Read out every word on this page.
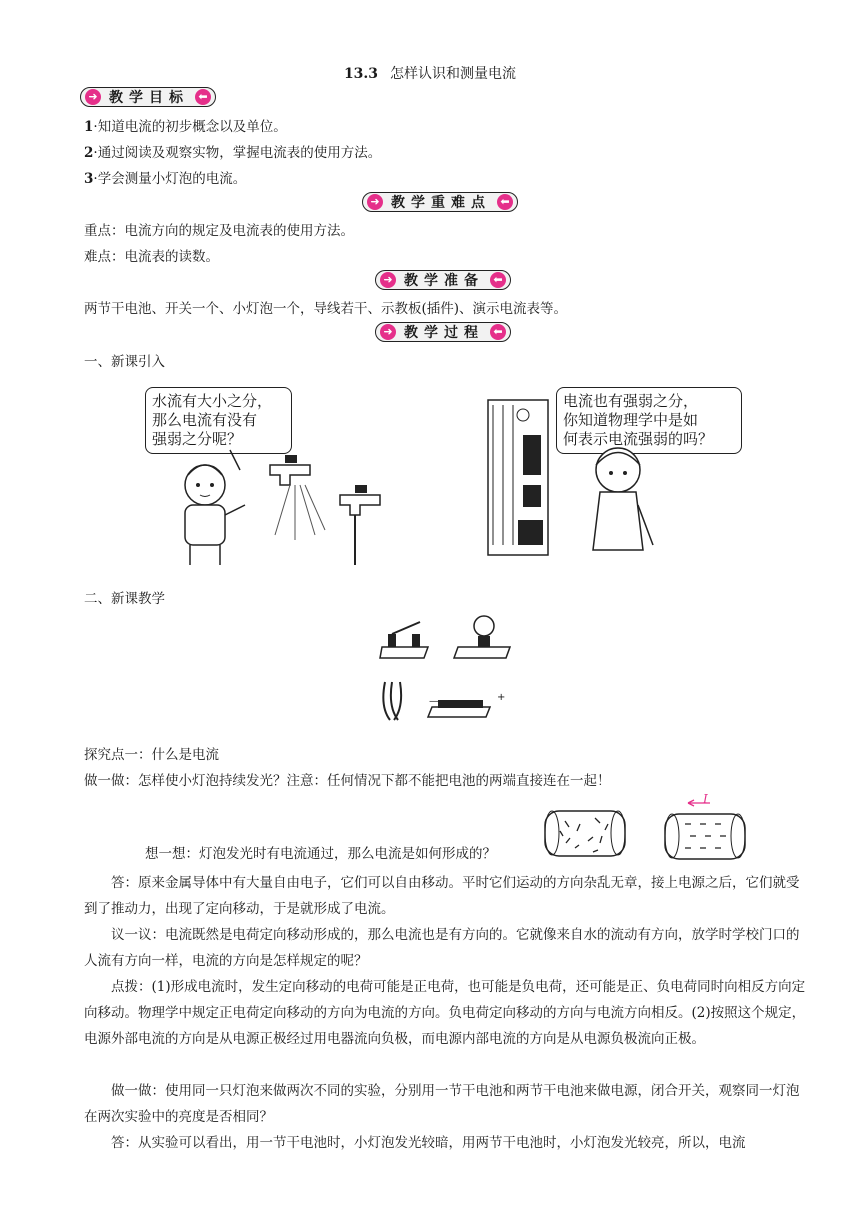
13.3 怎样认识和测量电流
➜ 教学目标 ⬅
1·知道电流的初步概念以及单位。
2·通过阅读及观察实物，掌握电流表的使用方法。
3·学会测量小灯泡的电流。
➜ 教学重难点 ⬅
重点：电流方向的规定及电流表的使用方法。
难点：电流表的读数。
➜ 教学准备 ⬅
两节干电池、开关一个、小灯泡一个，导线若干、示教板(插件)、演示电流表等。
➜ 教学过程 ⬅
一、新课引入
水流有大小之分，
那么电流有没有
强弱之分呢？
电流也有强弱之分，
你知道物理学中是如
何表示电流强弱的吗？
二、新课教学
—	+
探究点一：什么是电流
做一做：怎样使小灯泡持续发光？注意：任何情况下都不能把电池的两端直接连在一起！
I
想一想：灯泡发光时有电流通过，那么电流是如何形成的？
答：原来金属导体中有大量自由电子，它们可以自由移动。平时它们运动的方向杂乱无章，接上电源之后，它们就受到了推动力，出现了定向移动，于是就形成了电流。
议一议：电流既然是电荷定向移动形成的，那么电流也是有方向的。它就像来自水的流动有方向，放学时学校门口的人流有方向一样，电流的方向是怎样规定的呢？
点拨：(1)形成电流时，发生定向移动的电荷可能是正电荷，也可能是负电荷，还可能是正、负电荷同时向相反方向定向移动。物理学中规定正电荷定向移动的方向为电流的方向。负电荷定向移动的方向与电流方向相反。(2)按照这个规定，电源外部电流的方向是从电源正极经过用电器流向负极，而电源内部电流的方向是从电源负极流向正极。
做一做：使用同一只灯泡来做两次不同的实验，分别用一节干电池和两节干电池来做电源，闭合开关，观察同一灯泡在两次实验中的亮度是否相同？
答：从实验可以看出，用一节干电池时，小灯泡发光较暗，用两节干电池时，小灯泡发光较亮，所以，电流
